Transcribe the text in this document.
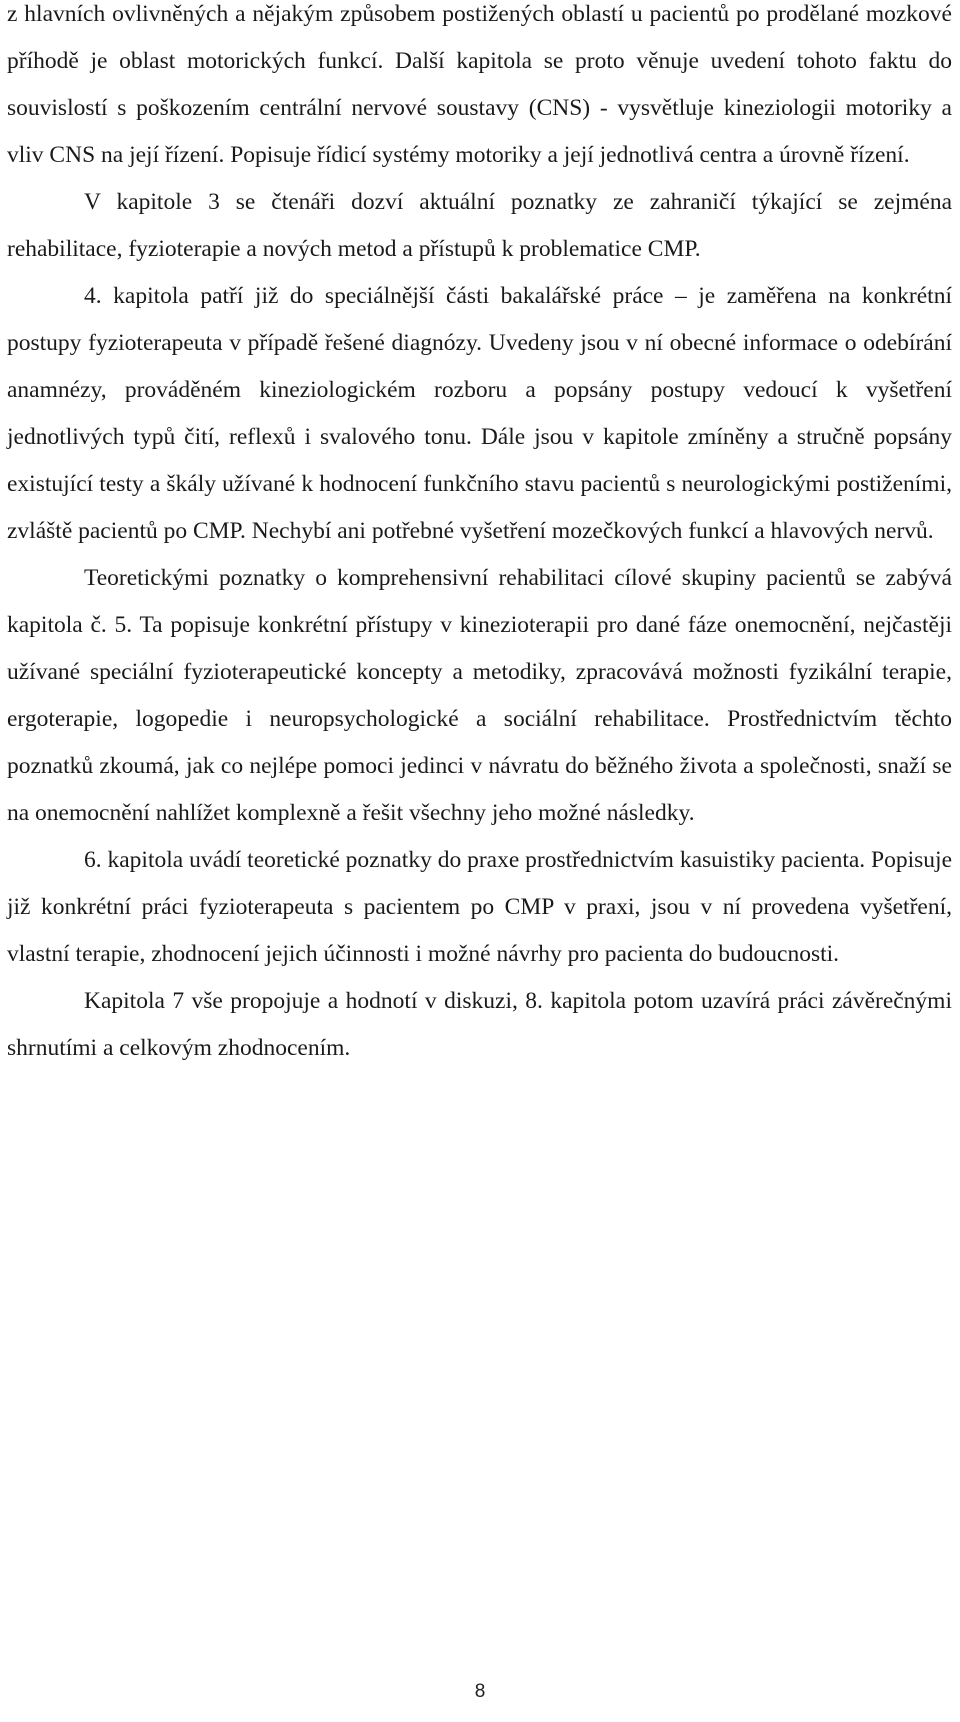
z hlavních ovlivněných a nějakým způsobem postižených oblastí u pacientů po prodělané mozkové příhodě je oblast motorických funkcí. Další kapitola se proto věnuje uvedení tohoto faktu do souvislostí s poškozením centrální nervové soustavy (CNS) - vysvětluje kineziologii motoriky a vliv CNS na její řízení. Popisuje řídicí systémy motoriky a její jednotlivá centra a úrovně řízení.

V kapitole 3 se čtenáři dozví aktuální poznatky ze zahraničí týkající se zejména rehabilitace, fyzioterapie a nových metod a přístupů k problematice CMP.

4. kapitola patří již do speciálnější části bakalářské práce – je zaměřena na konkrétní postupy fyzioterapeuta v případě řešené diagnózy. Uvedeny jsou v ní obecné informace o odebírání anamnézy, prováděném kineziologickém rozboru a popsány postupy vedoucí k vyšetření jednotlivých typů čití, reflexů i svalového tonu. Dále jsou v kapitole zmíněny a stručně popsány existující testy a škály užívané k hodnocení funkčního stavu pacientů s neurologickými postiženími, zvláště pacientů po CMP. Nechybí ani potřebné vyšetření mozečkových funkcí a hlavových nervů.

Teoretickými poznatky o komprehensivní rehabilitaci cílové skupiny pacientů se zabývá kapitola č. 5. Ta popisuje konkrétní přístupy v kinezioterapii pro dané fáze onemocnění, nejčastěji užívané speciální fyzioterapeutické koncepty a metodiky, zpracovává možnosti fyzikální terapie, ergoterapie, logopedie i neuropsychologické a sociální rehabilitace. Prostřednictvím těchto poznatků zkoumá, jak co nejlépe pomoci jedinci v návratu do běžného života a společnosti, snaží se na onemocnění nahlížet komplexně a řešit všechny jeho možné následky.

6. kapitola uvádí teoretické poznatky do praxe prostřednictvím kasuistiky pacienta. Popisuje již konkrétní práci fyzioterapeuta s pacientem po CMP v praxi, jsou v ní provedena vyšetření, vlastní terapie, zhodnocení jejich účinnosti i možné návrhy pro pacienta do budoucnosti.

Kapitola 7 vše propojuje a hodnotí v diskuzi, 8. kapitola potom uzavírá práci závěrečnými shrnutími a celkovým zhodnocením.

8
